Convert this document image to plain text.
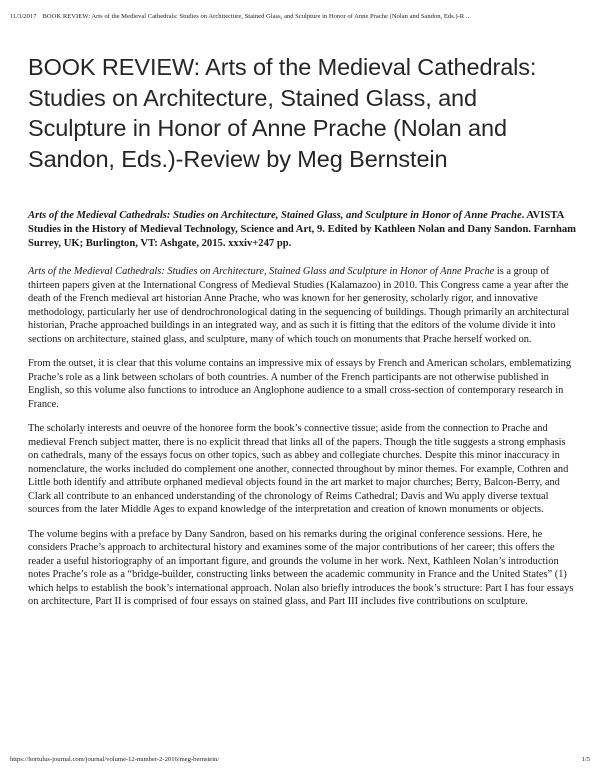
11/3/2017 BOOK REVIEW: Arts of the Medieval Cathedrals: Studies on Architecture, Stained Glass, and Sculpture in Honor of Anne Prache (Nolan and Sandon, Eds.)-R ...
BOOK REVIEW: Arts of the Medieval Cathedrals: Studies on Architecture, Stained Glass, and Sculpture in Honor of Anne Prache (Nolan and Sandon, Eds.)-Review by Meg Bernstein

Arts of the Medieval Cathedrals: Studies on Architecture, Stained Glass, and Sculpture in Honor of Anne Prache. AVISTA Studies in the History of Medieval Technology, Science and Art, 9. Edited by Kathleen Nolan and Dany Sandon. Farnham Surrey, UK; Burlington, VT: Ashgate, 2015. xxxiv+247 pp.

Arts of the Medieval Cathedrals: Studies on Architecture, Stained Glass and Sculpture in Honor of Anne Prache is a group of thirteen papers given at the International Congress of Medieval Studies (Kalamazoo) in 2010. This Congress came a year after the death of the French medieval art historian Anne Prache, who was known for her generosity, scholarly rigor, and innovative methodology, particularly her use of dendrochronological dating in the sequencing of buildings. Though primarily an architectural historian, Prache approached buildings in an integrated way, and as such it is fitting that the editors of the volume divide it into sections on architecture, stained glass, and sculpture, many of which touch on monuments that Prache herself worked on.

From the outset, it is clear that this volume contains an impressive mix of essays by French and American scholars, emblematizing Prache’s role as a link between scholars of both countries. A number of the French participants are not otherwise published in English, so this volume also functions to introduce an Anglophone audience to a small cross-section of contemporary research in France.

The scholarly interests and oeuvre of the honoree form the book’s connective tissue; aside from the connection to Prache and medieval French subject matter, there is no explicit thread that links all of the papers. Though the title suggests a strong emphasis on cathedrals, many of the essays focus on other topics, such as abbey and collegiate churches. Despite this minor inaccuracy in nomenclature, the works included do complement one another, connected throughout by minor themes. For example, Cothren and Little both identify and attribute orphaned medieval objects found in the art market to major churches; Berry, Balcon-Berry, and Clark all contribute to an enhanced understanding of the chronology of Reims Cathedral; Davis and Wu apply diverse textual sources from the later Middle Ages to expand knowledge of the interpretation and creation of known monuments or objects.

The volume begins with a preface by Dany Sandron, based on his remarks during the original conference sessions. Here, he considers Prache’s approach to architectural history and examines some of the major contributions of her career; this offers the reader a useful historiography of an important figure, and grounds the volume in her work. Next, Kathleen Nolan’s introduction notes Prache’s role as a “bridge-builder, constructing links between the academic community in France and the United States” (1) which helps to establish the book’s international approach. Nolan also briefly introduces the book’s structure: Part I has four essays on architecture, Part II is comprised of four essays on stained glass, and Part III includes five contributions on sculpture.

https://hortulus-journal.com/journal/volume-12-number-2-2016/meg-bernstein/	1/5
